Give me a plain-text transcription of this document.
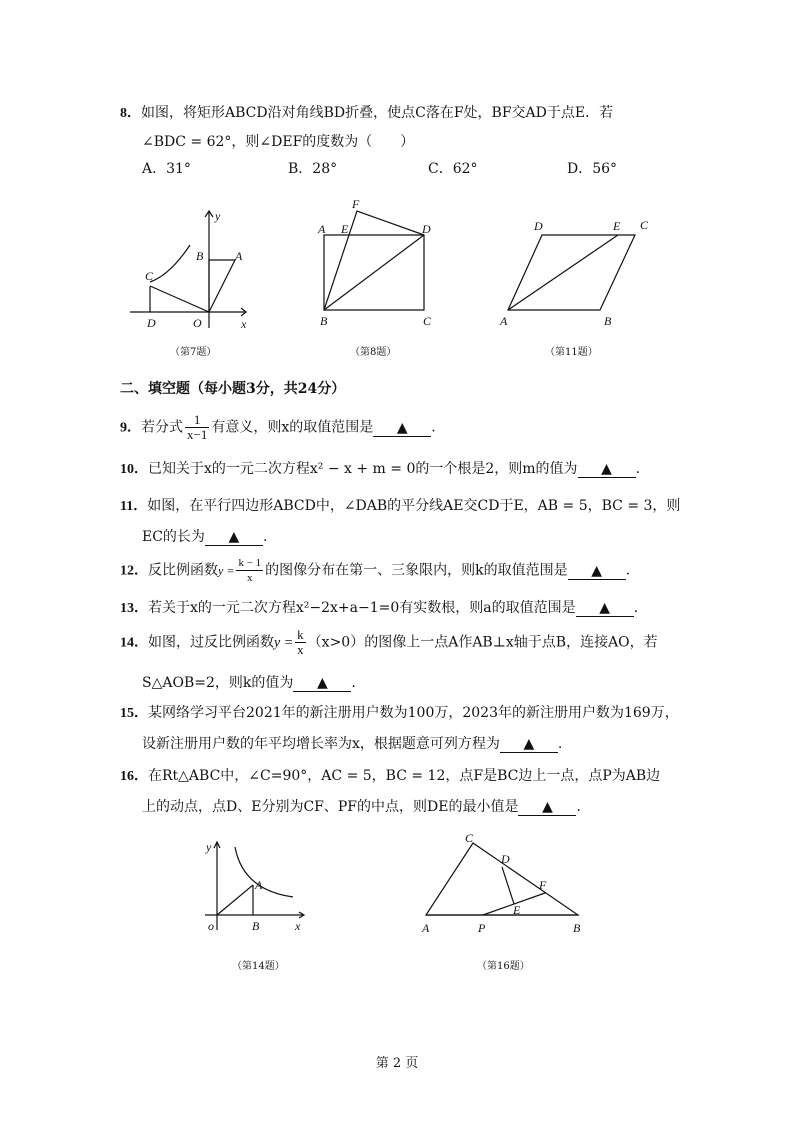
8．如图，将矩形ABCD沿对角线BD折叠，使点C落在F处，BF交AD于点E．若
∠BDC = 62°，则∠DEF的度数为（　　）
A．31°	B．28°	C．62°	D．56°
y
x
B	A
C
D	O
（第7题）
F
A E	D
B	C
（第8题）
D	E C
A	B
（第11题）
二、填空题（每小题3分，共24分）
9．若分式 $\frac{1}{x-1}$ 有意义，则x的取值范围是 ▲ .
10．已知关于x的一元二次方程x² − x + m = 0的一个根是2，则m的值为 ▲ .
11．如图，在平行四边形ABCD中，∠DAB的平分线AE交CD于E，AB = 5，BC = 3，则
EC的长为 ▲ .
12．反比例函数$y = \frac{k - 1}{x}$ 的图像分布在第一、三象限内，则k的取值范围是 ▲ .
13．若关于x的一元二次方程x²−2x+a−1=0有实数根，则a的取值范围是 ▲ .
14．如图，过反比例函数$y = \frac{k}{x} (x>0)$的图像上一点A作AB⊥x轴于点B，连接AO，若
S△AOB=2，则k的值为 ▲ .
15．某网络学习平台2021年的新注册用户数为100万，2023年的新注册用户数为169万，
设新注册用户数的年平均增长率为x，根据题意可列方程为 ▲ .
16．在Rt△ABC中，∠C=90°，AC = 5，BC = 12，点F是BC边上一点，点P为AB边
上的动点，点D、E分别为CF、PF的中点，则DE的最小值是 ▲ .
y
A
o	B	x
（第14题）
C
D
F
E
A	P	B
（第16题）
第 2 页
